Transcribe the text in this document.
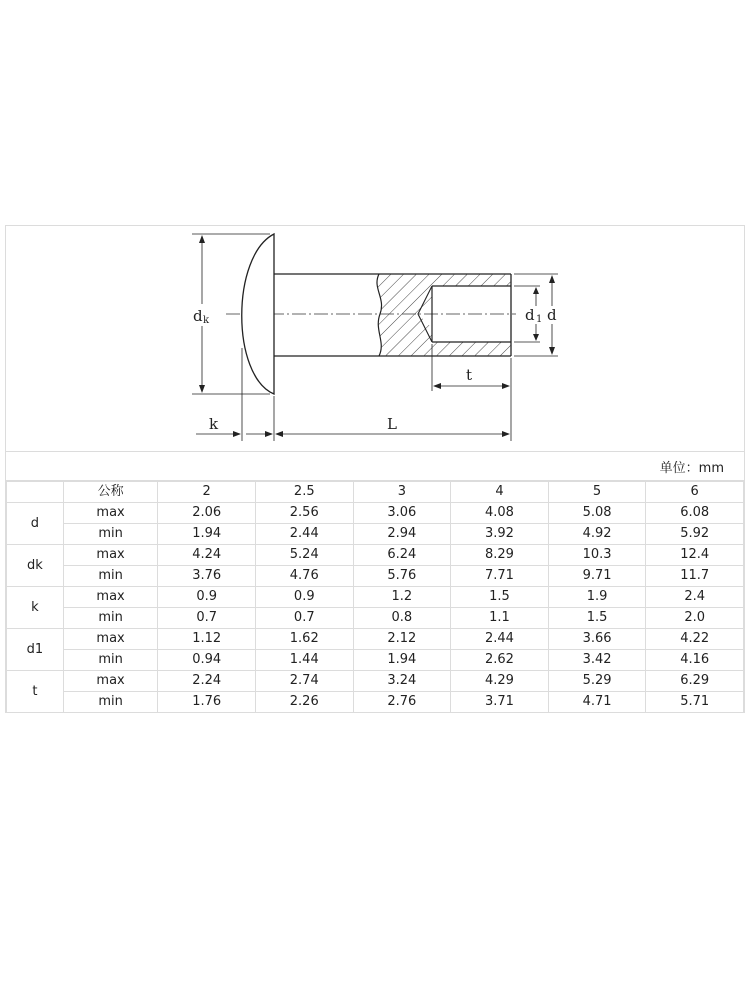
d k	d
d 1
t
k	L
单位：mm
	公称	2	2.5	3	4	5	6
d	max	2.06	2.56	3.06	4.08	5.08	6.08
	min	1.94	2.44	2.94	3.92	4.92	5.92
dk	max	4.24	5.24	6.24	8.29	10.3	12.4
	min	3.76	4.76	5.76	7.71	9.71	11.7
k	max	0.9	0.9	1.2	1.5	1.9	2.4
	min	0.7	0.7	0.8	1.1	1.5	2.0
d1	max	1.12	1.62	2.12	2.44	3.66	4.22
	min	0.94	1.44	1.94	2.62	3.42	4.16
t	max	2.24	2.74	3.24	4.29	5.29	6.29
	min	1.76	2.26	2.76	3.71	4.71	5.71
